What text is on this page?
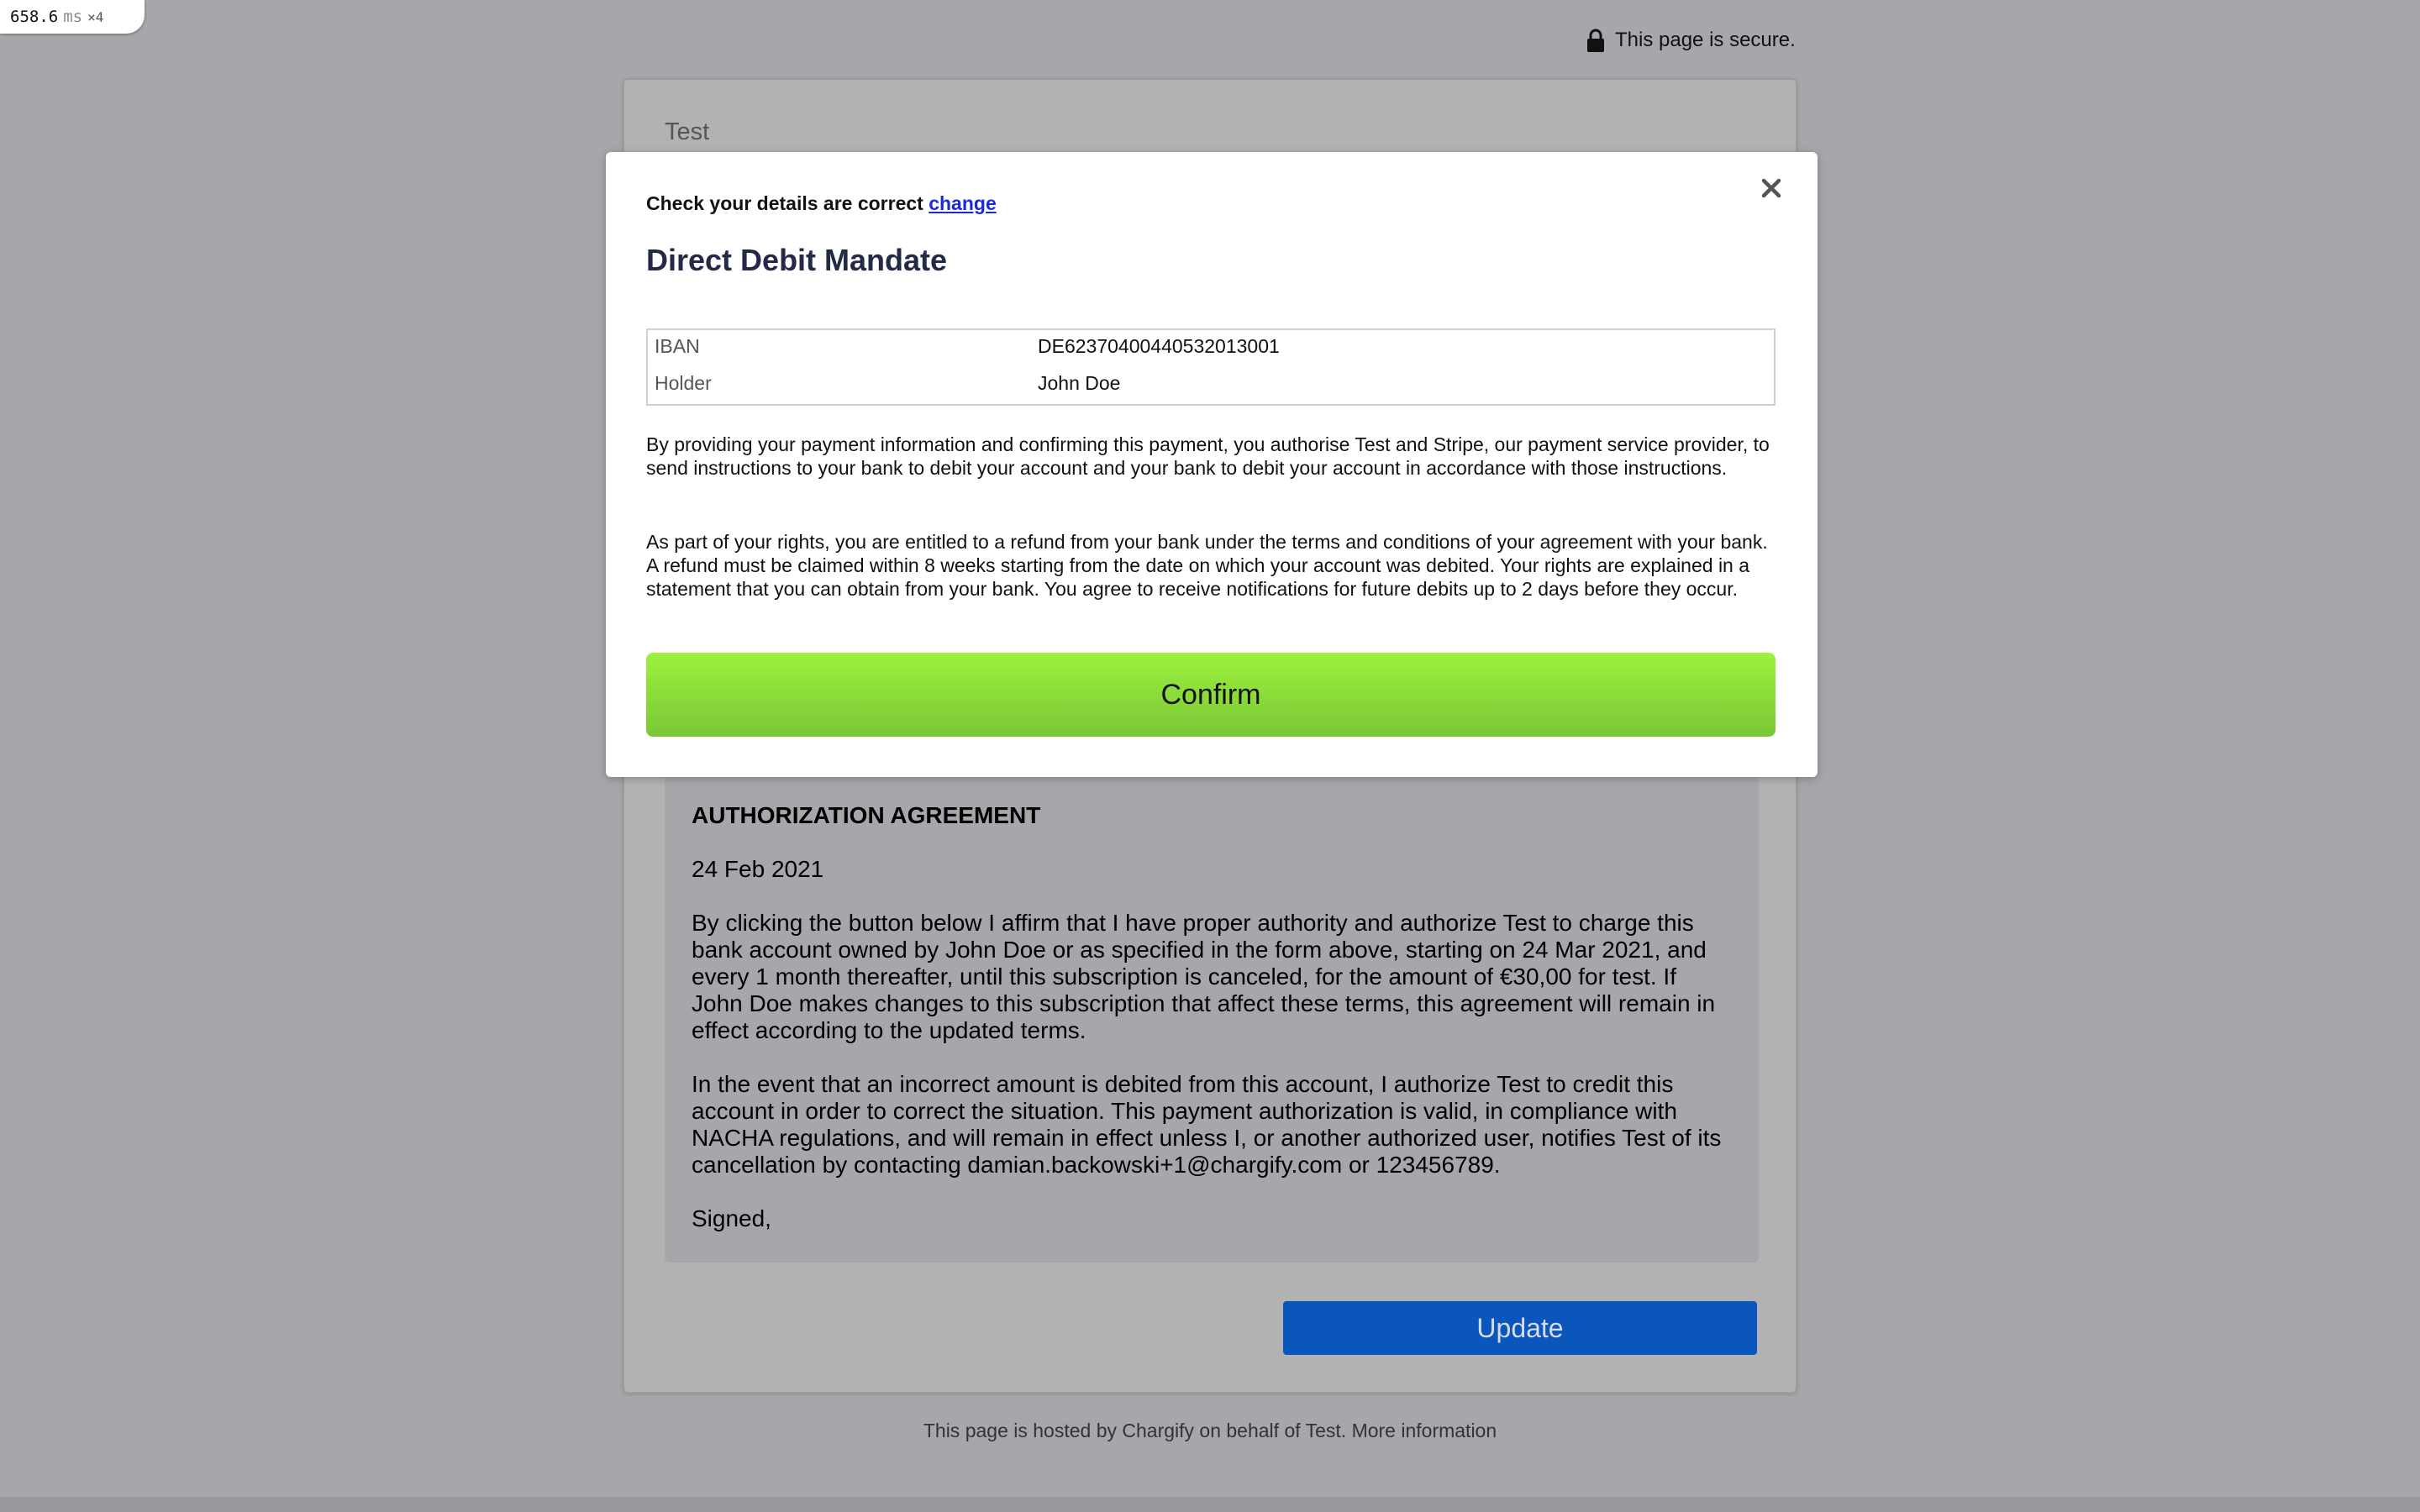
658.6 ms ×4
This page is secure.
Test

AUTHORIZATION AGREEMENT

24 Feb 2021

By clicking the button below I affirm that I have proper authority and authorize Test to charge this bank account owned by John Doe or as specified in the form above, starting on 24 Mar 2021, and every 1 month thereafter, until this subscription is canceled, for the amount of €30,00 for test. If John Doe makes changes to this subscription that affect these terms, this agreement will remain in effect according to the updated terms.

In the event that an incorrect amount is debited from this account, I authorize Test to credit this account in order to correct the situation. This payment authorization is valid, in compliance with NACHA regulations, and will remain in effect unless I, or another authorized user, notifies Test of its cancellation by contacting damian.backowski+1@chargify.com or 123456789.

Signed,

Update
This page is hosted by Chargify on behalf of Test. More information
Check your details are correct change
Direct Debit Mandate
IBAN	DE62370400440532013001
Holder	John Doe

By providing your payment information and confirming this payment, you authorise Test and Stripe, our payment service provider, to send instructions to your bank to debit your account and your bank to debit your account in accordance with those instructions.

As part of your rights, you are entitled to a refund from your bank under the terms and conditions of your agreement with your bank. A refund must be claimed within 8 weeks starting from the date on which your account was debited. Your rights are explained in a statement that you can obtain from your bank. You agree to receive notifications for future debits up to 2 days before they occur.

Confirm
